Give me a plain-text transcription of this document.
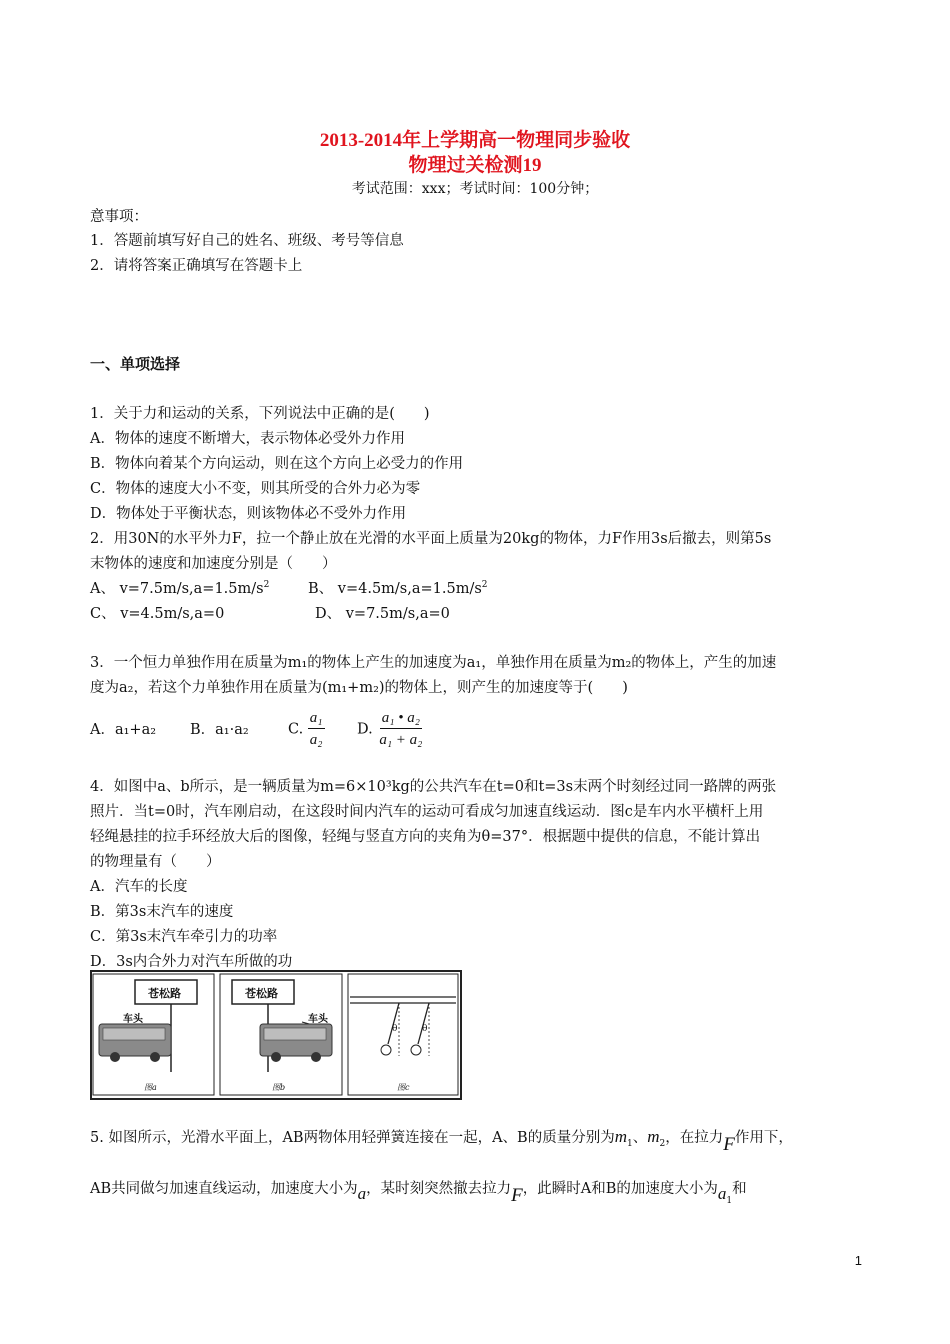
2013-2014年上学期高一物理同步验收
物理过关检测19
考试范围：xxx；考试时间：100分钟；
意事项：
1．答题前填写好自己的姓名、班级、考号等信息
2．请将答案正确填写在答题卡上
一、单项选择
1．关于力和运动的关系，下列说法中正确的是(　　)
A．物体的速度不断增大，表示物体必受外力作用
B．物体向着某个方向运动，则在这个方向上必受力的作用
C．物体的速度大小不变，则其所受的合外力必为零
D．物体处于平衡状态，则该物体必不受外力作用
2．用30N的水平外力F，拉一个静止放在光滑的水平面上质量为20kg的物体，力F作用3s后撤去，则第5s
末物体的速度和加速度分别是（　　）
A、 $v=7.5m/s,a=1.5m/s^2$	B、 $v=4.5m/s,a=1.5m/s^2$
C、 v=4.5m/s,a=0	D、 v=7.5m/s,a=0
3．一个恒力单独作用在质量为m₁的物体上产生的加速度为a₁，单独作用在质量为m₂的物体上，产生的加速
度为a₂，若这个力单独作用在质量为(m₁+m₂)的物体上，则产生的加速度等于(　　)
A．a₁+a₂ B．a₁·a₂	C. $\frac{\text{a₁}}{\text{a₂}} D$. $\frac{\text{a₁ • a₂}}{\text{a₁ + a₂}}$
4．如图中a、b所示，是一辆质量为m=6×10³kg的公共汽车在t=0和t=3s末两个时刻经过同一路牌的两张
照片．当t=0时，汽车刚启动，在这段时间内汽车的运动可看成匀加速直线运动．图c是车内水平横杆上用
轻绳悬挂的拉手环经放大后的图像，轻绳与竖直方向的夹角为θ=37°．根据题中提供的信息，不能计算出
的物理量有（　　）
A．汽车的长度
B．第3s末汽车的速度
C．第3s末汽车牵引力的功率
D．3s内合外力对汽车所做的功
苍松路	苍松路
车头	车头
θ	θ
图a	图b	图c
5. 如图所示，光滑水平面上，AB两物体用轻弹簧连接在一起，A、B的质量分别为$m_1$、$m_2$，在拉力F作用下，
AB共同做匀加速直线运动，加速度大小为a，某时刻突然撤去拉力F，此瞬时A和B的加速度大小为$a_1$和
1
